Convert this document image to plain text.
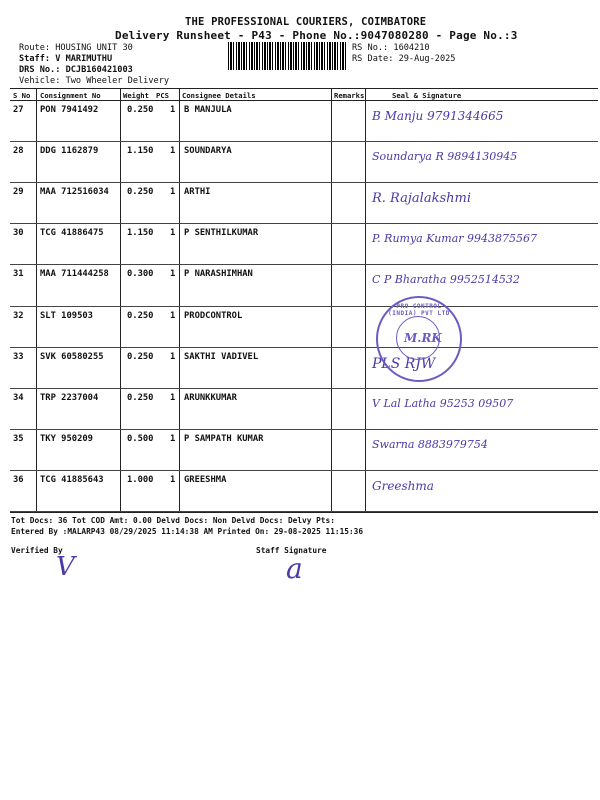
THE PROFESSIONAL COURIERS, COIMBATORE
Delivery Runsheet - P43 - Phone No.:9047080280 - Page No.:3
Route: HOUSING UNIT 30
Staff: V MARIMUTHU
DRS No.: DCJB160421003
Vehicle: Two Wheeler Delivery
RS No.: 1604210
RS Date: 29-Aug-2025
S No Consignment No	Weight PCS Consignee Details	Remarks	Seal & Signature
27 PON 7941492	0.250 1 B MANJULA	B Manju 9791344665
28 DDG 1162879	1.150 1 SOUNDARYA	Soundarya R 9894130945
29 MAA 712516034 0.250 1 ARTHI	R. Rajalakshmi
30 TCG 41886475	1.150 1 P SENTHILKUMAR	P. Rumya Kumar 9943875567
31 MAA 711444258 0.300 1 P NARASHIMHAN	C P Bharatha 9952514532
32 SLT 109503	0.250 1 PRODCONTROL
33 SVK 60580255	0.250 1 SAKTHI VADIVEL	PLS RJW
34 TRP 2237004	0.250 1 ARUNKKUMAR	V Lal Latha 95253 09507
35 TKY 950209	0.500 1 P SAMPATH KUMAR	Swarna 8883979754
36 TCG 41885643	1.000 1 GREESHMA	Greeshma
PRO CONTROL (INDIA) PVT LTD
M.RK
Tot Docs: 36 Tot COD Amt: 0.00 Delvd Docs: Non Delvd Docs: Delvy Pts:
Entered By :MALARP43 08/29/2025 11:14:38 AM Printed On: 29-08-2025 11:15:36
Verified By	Staff Signature
V	a
